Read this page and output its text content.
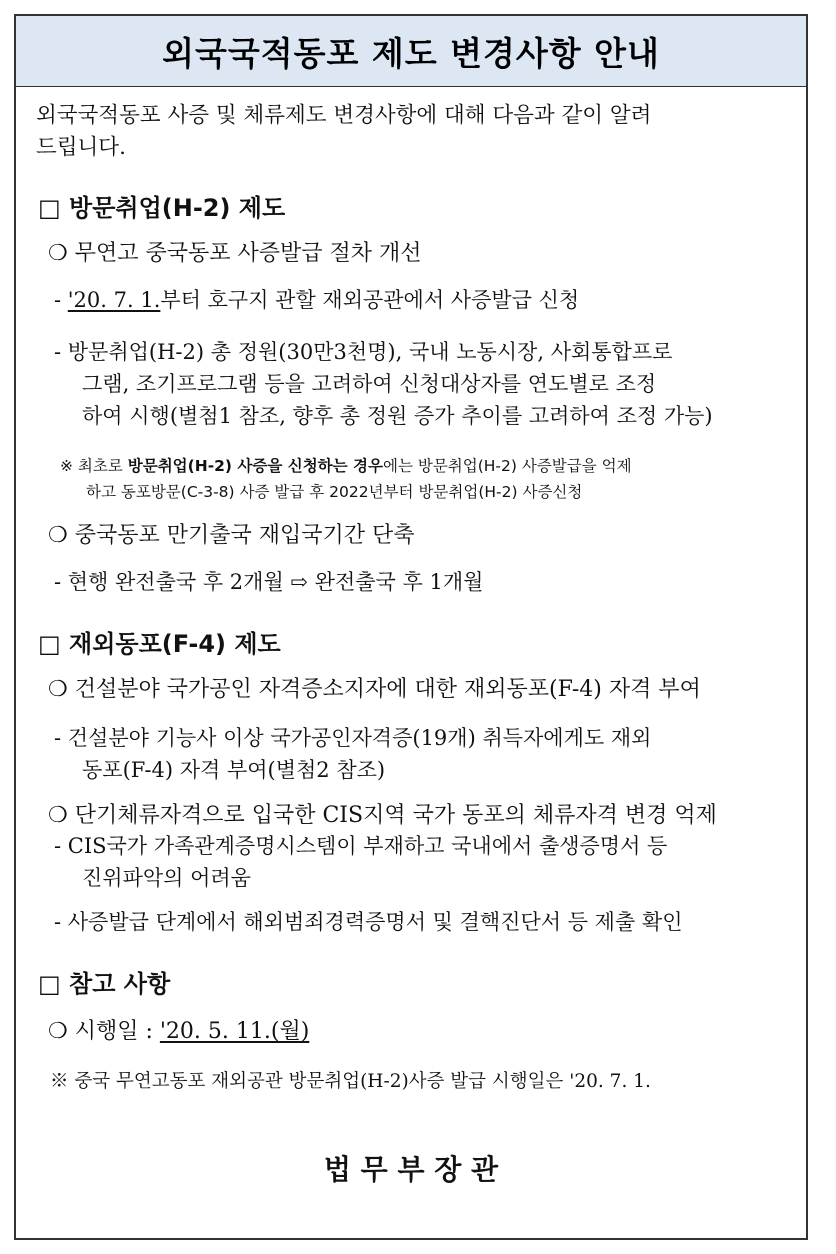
외국국적동포 제도 변경사항 안내
외국국적동포 사증 및 체류제도 변경사항에 대해 다음과 같이 알려
드립니다.
□ 방문취업(H-2) 제도
❍ 무연고 중국동포 사증발급 절차 개선
- '20. 7. 1.부터 호구지 관할 재외공관에서 사증발급 신청
- 방문취업(H-2) 총 정원(30만3천명), 국내 노동시장, 사회통합프로
그램, 조기프로그램 등을 고려하여 신청대상자를 연도별로 조정
하여 시행(별첨1 참조, 향후 총 정원 증가 추이를 고려하여 조정 가능)
※ 최초로 방문취업(H-2) 사증을 신청하는 경우에는 방문취업(H-2) 사증발급을 억제
하고 동포방문(C-3-8) 사증 발급 후 2022년부터 방문취업(H-2) 사증신청
❍ 중국동포 만기출국 재입국기간 단축
- 현행 완전출국 후 2개월 ⇨ 완전출국 후 1개월
□ 재외동포(F-4) 제도
❍ 건설분야 국가공인 자격증소지자에 대한 재외동포(F-4) 자격 부여
- 건설분야 기능사 이상 국가공인자격증(19개) 취득자에게도 재외
동포(F-4) 자격 부여(별첨2 참조)
❍ 단기체류자격으로 입국한 CIS지역 국가 동포의 체류자격 변경 억제
- CIS국가 가족관계증명시스템이 부재하고 국내에서 출생증명서 등
진위파악의 어려움
- 사증발급 단계에서 해외범죄경력증명서 및 결핵진단서 등 제출 확인
□ 참고 사항
❍ 시행일 : '20. 5. 11.(월)
※ 중국 무연고동포 재외공관 방문취업(H-2)사증 발급 시행일은 '20. 7. 1.
법 무 부 장 관
